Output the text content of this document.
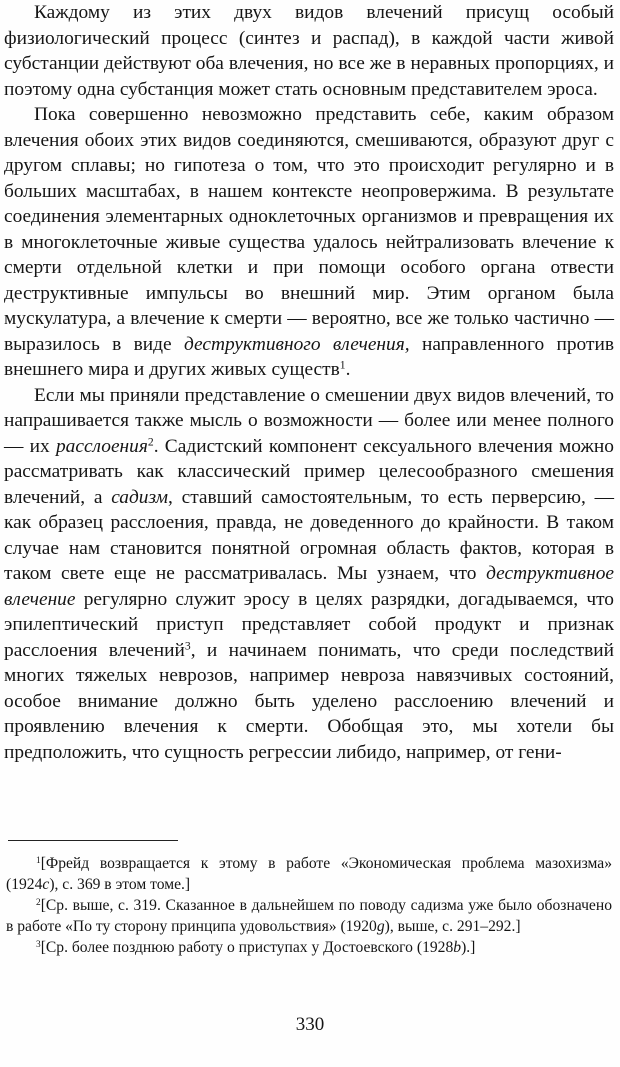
Каждому из этих двух видов влечений присущ особый физиологический процесс (синтез и распад), в каждой части живой субстанции действуют оба влечения, но все же в неравных пропорциях, и поэтому одна субстанция может стать основным представителем эроса.

Пока совершенно невозможно представить себе, каким образом влечения обоих этих видов соединяются, смешиваются, образуют друг с другом сплавы; но гипотеза о том, что это происходит регулярно и в больших масштабах, в нашем контексте неопровержима. В результате соединения элементарных одноклеточных организмов и превращения их в многоклеточные живые существа удалось нейтрализовать влечение к смерти отдельной клетки и при помощи особого органа отвести деструктивные импульсы во внешний мир. Этим органом была мускулатура, а влечение к смерти — вероятно, все же только частично — выразилось в виде деструктивного влечения, направленного против внешнего мира и других живых существ$^1$.

Если мы приняли представление о смешении двух видов влечений, то напрашивается также мысль о возможности — более или менее полного — их расслоения$^2$. Садистский компонент сексуального влечения можно рассматривать как классический пример целесообразного смешения влечений, а садизм, ставший самостоятельным, то есть перверсию, — как образец расслоения, правда, не доведенного до крайности. В таком случае нам становится понятной огромная область фактов, которая в таком свете еще не рассматривалась. Мы узнаем, что деструктивное влечение регулярно служит эросу в целях разрядки, догадываемся, что эпилептический приступ представляет собой продукт и признак расслоения влечений$^3$, и начинаем понимать, что среди последствий многих тяжелых неврозов, например невроза навязчивых состояний, особое внимание должно быть уделено расслоению влечений и проявлению влечения к смерти. Обобщая это, мы хотели бы предположить, что сущность регрессии либидо, например, от гени-

$^1$[Фрейд возвращается к этому в работе «Экономическая проблема мазохизма» (1924c), с. 369 в этом томе.]

$^2$[Ср. выше, с. 319. Сказанное в дальнейшем по поводу садизма уже было обозначено в работе «По ту сторону принципа удовольствия» (1920g), выше, с. 291–292.]

$^3$[Ср. более позднюю работу о приступах у Достоевского (1928b).]

330
